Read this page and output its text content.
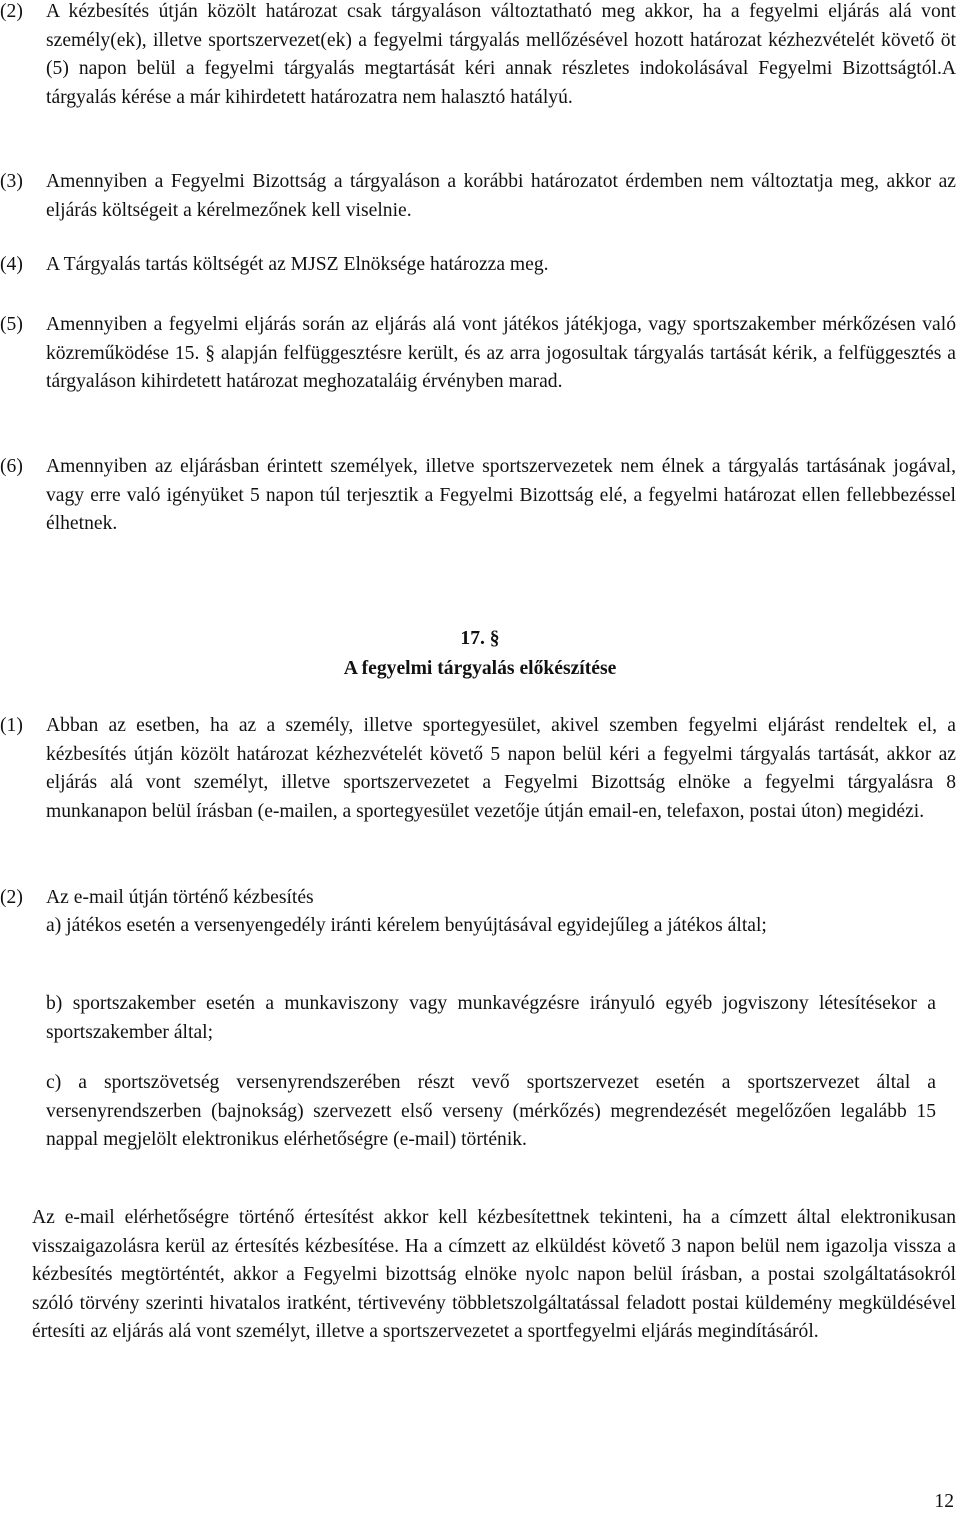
(2)	A kézbesítés útján közölt határozat csak tárgyaláson változtatható meg akkor, ha a fegyelmi eljárás alá vont személy(ek), illetve sportszervezet(ek) a fegyelmi tárgyalás mellőzésével hozott határozat kézhezvételét követő öt (5) napon belül a fegyelmi tárgyalás megtartását kéri annak részletes indokolásával Fegyelmi Bizottságtól.A tárgyalás kérése a már kihirdetett határozatra nem halasztó hatályú.

(3)	Amennyiben a Fegyelmi Bizottság a tárgyaláson a korábbi határozatot érdemben nem változtatja meg, akkor az eljárás költségeit a kérelmezőnek kell viselnie.

(4)	A Tárgyalás tartás költségét az MJSZ Elnöksége határozza meg.

(5)	Amennyiben a fegyelmi eljárás során az eljárás alá vont játékos játékjoga, vagy sportszakember mérkőzésen való közreműködése 15. § alapján felfüggesztésre került, és az arra jogosultak tárgyalás tartását kérik, a felfüggesztés a tárgyaláson kihirdetett határozat meghozataláig érvényben marad.

(6)	Amennyiben az eljárásban érintett személyek, illetve sportszervezetek nem élnek a tárgyalás tartásának jogával, vagy erre való igényüket 5 napon túl terjesztik a Fegyelmi Bizottság elé, a fegyelmi határozat ellen fellebbezéssel élhetnek.

17. §

A fegyelmi tárgyalás előkészítése

(1)	Abban az esetben, ha az a személy, illetve sportegyesület, akivel szemben fegyelmi eljárást rendeltek el, a kézbesítés útján közölt határozat kézhezvételét követő 5 napon belül kéri a fegyelmi tárgyalás tartását, akkor az eljárás alá vont személyt, illetve sportszervezetet a Fegyelmi Bizottság elnöke a fegyelmi tárgyalásra 8 munkanapon belül írásban (e-mailen, a sportegyesület vezetője útján email-en, telefaxon, postai úton) megidézi.

(2)	Az e-mail útján történő kézbesítés

a) játékos esetén a versenyengedély iránti kérelem benyújtásával egyidejűleg a játékos által;

b) sportszakember esetén a munkaviszony vagy munkavégzésre irányuló egyéb jogviszony létesítésekor a sportszakember által;

c) a sportszövetség versenyrendszerében részt vevő sportszervezet esetén a sportszervezet által a versenyrendszerben (bajnokság) szervezett első verseny (mérkőzés) megrendezését megelőzően legalább 15 nappal megjelölt elektronikus elérhetőségre (e-mail) történik.

Az e-mail elérhetőségre történő értesítést akkor kell kézbesítettnek tekinteni, ha a címzett által elektronikusan visszaigazolásra kerül az értesítés kézbesítése. Ha a címzett az elküldést követő 3 napon belül nem igazolja vissza a kézbesítés megtörténtét, akkor a Fegyelmi bizottság elnöke nyolc napon belül írásban, a postai szolgáltatásokról szóló törvény szerinti hivatalos iratként, tértivevény többletszolgáltatással feladott postai küldemény megküldésével értesíti az eljárás alá vont személyt, illetve a sportszervezetet a sportfegyelmi eljárás megindításáról.

12
